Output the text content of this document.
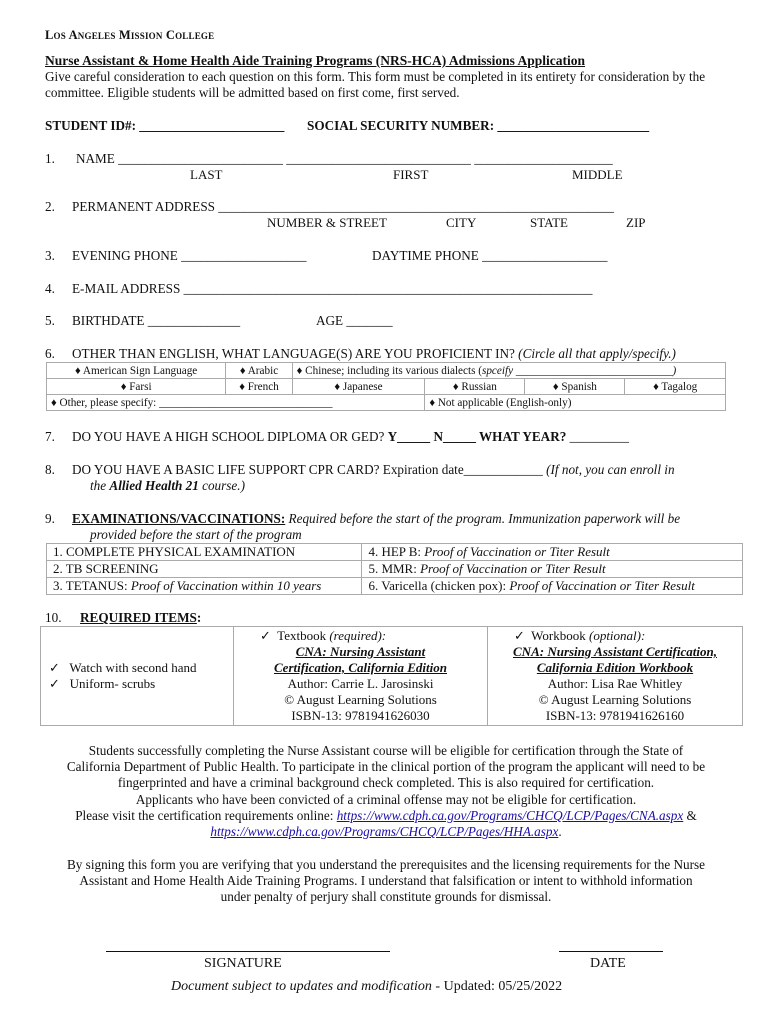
Los Angeles Mission College
Nurse Assistant & Home Health Aide Training Programs (NRS-HCA) Admissions Application
Give careful consideration to each question on this form. This form must be completed in its entirety for consideration by the committee. Eligible students will be admitted based on first come, first served.
STUDENT ID#: ______________________ SOCIAL SECURITY NUMBER: _______________________
1. NAME _________________________ ____________________________ _____________________
LAST	FIRST	MIDDLE
2. PERMANENT ADDRESS ____________________________________________________________
NUMBER & STREET	CITY	STATE	ZIP
3. EVENING PHONE ___________________	DAYTIME PHONE ___________________
4. E-MAIL ADDRESS ______________________________________________________________
5. BIRTHDATE ______________	AGE _______
6. OTHER THAN ENGLISH, WHAT LANGUAGE(S) ARE YOU PROFICIENT IN? (Circle all that apply/specify.)
♦ American Sign Language	♦ Arabic	♦ Chinese; including its various dialects (spceify ____________________________)			
♦ Farsi	♦ French	♦ Japanese	♦ Russian	♦ Spanish	♦ Tagalog
♦ Other, please specify: _______________________________			♦ Not applicable (English-only)		
7. DO YOU HAVE A HIGH SCHOOL DIPLOMA OR GED? Y_____ N_____ WHAT YEAR? _________
8. DO YOU HAVE A BASIC LIFE SUPPORT CPR CARD? Expiration date____________ (If not, you can enroll in
the Allied Health 21 course.)
9. EXAMINATIONS/VACCINATIONS: Required before the start of the program. Immunization paperwork will be
provided before the start of the program
1. COMPLETE PHYSICAL EXAMINATION	4. HEP B: Proof of Vaccination or Titer Result
2. TB SCREENING	5. MMR: Proof of Vaccination or Titer Result
3. TETANUS: Proof of Vaccination within 10 years	6. Varicella (chicken pox): Proof of Vaccination or Titer Result
10. REQUIRED ITEMS:
✓ Watch with second hand
✓ Uniform- scrubs

✓ Textbook (required):
CNA: Nursing Assistant
Certification, California Edition
Author: Carrie L. Jarosinski
© August Learning Solutions
ISBN-13: 9781941626030

✓ Workbook (optional):
CNA: Nursing Assistant Certification,
California Edition Workbook
Author: Lisa Rae Whitley
© August Learning Solutions
ISBN-13: 9781941626160
Students successfully completing the Nurse Assistant course will be eligible for certification through the State of
California Department of Public Health. To participate in the clinical portion of the program the applicant will need to be
fingerprinted and have a criminal background check completed. This is also required for certification.
Applicants who have been convicted of a criminal offense may not be eligible for certification.
Please visit the certification requirements online: https://www.cdph.ca.gov/Programs/CHCQ/LCP/Pages/CNA.aspx &
https://www.cdph.ca.gov/Programs/CHCQ/LCP/Pages/HHA.aspx.
By signing this form you are verifying that you understand the prerequisites and the licensing requirements for the Nurse
Assistant and Home Health Aide Training Programs. I understand that falsification or intent to withhold information
under penalty of perjury shall constitute grounds for dismissal.
SIGNATURE	DATE
Document subject to updates and modification - Updated: 05/25/2022
